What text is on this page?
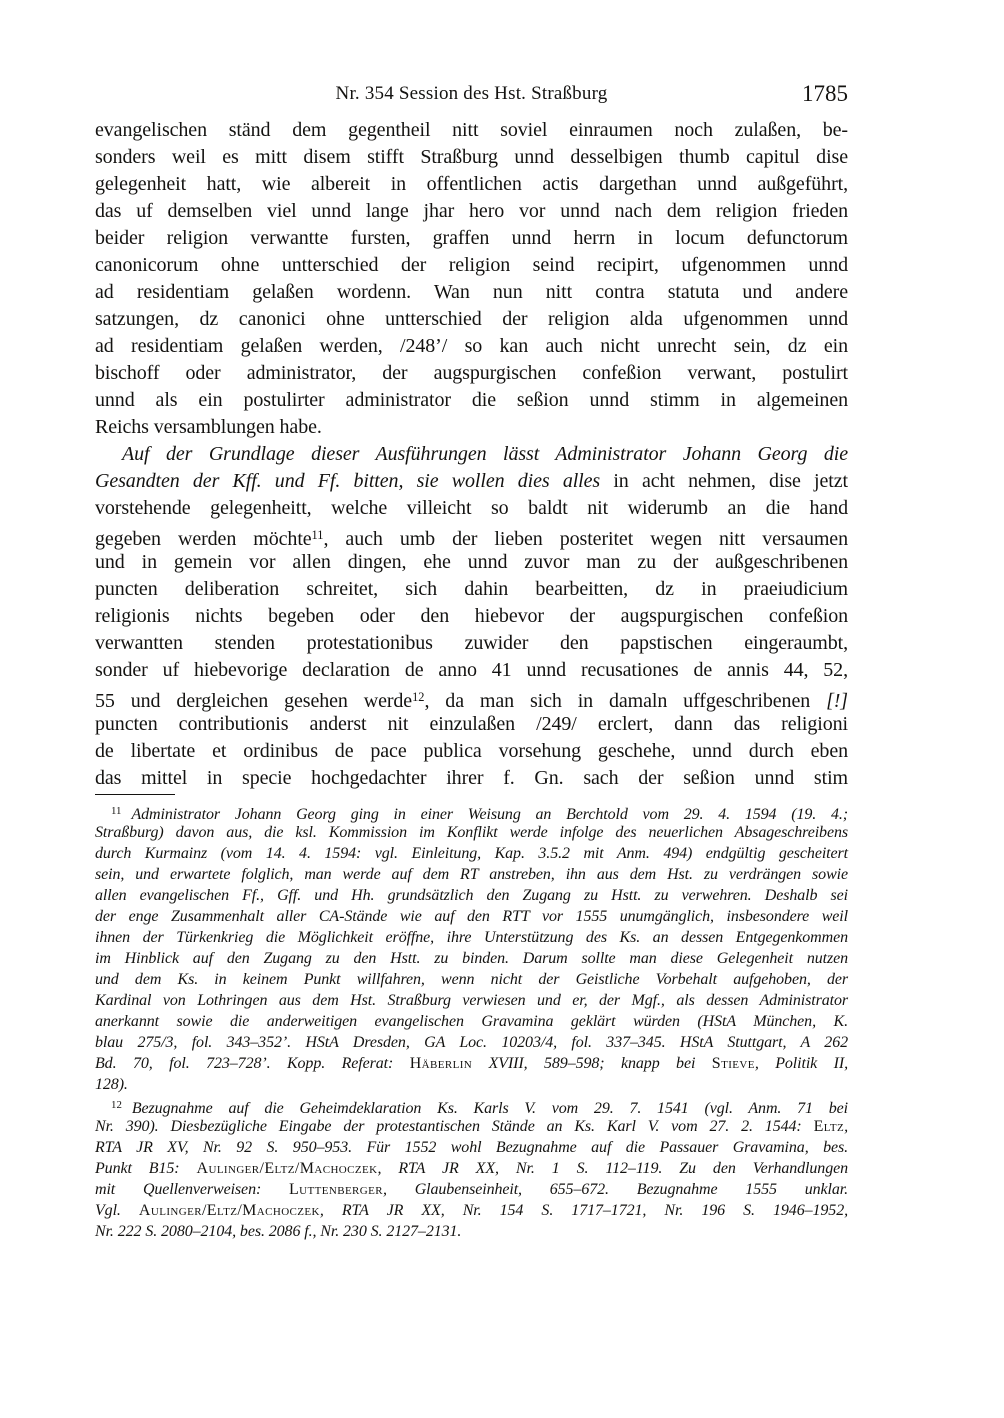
Nr. 354 Session des Hst. Straßburg	1785
evangelischen ständ dem gegentheil nitt soviel einraumen noch zulaßen, be-
sonders weil es mitt disem stifft Straßburg unnd desselbigen thumb capitul dise
gelegenheit hatt, wie albereit in offentlichen actis dargethan unnd außgeführt,
das uf demselben viel unnd lange jhar hero vor unnd nach dem religion frieden
beider religion verwantte fursten, graffen unnd herrn in locum defunctorum
canonicorum ohne untterschied der religion seind recipirt, ufgenommen unnd
ad residentiam gelaßen wordenn. Wan nun nitt contra statuta und andere
satzungen, dz canonici ohne untterschied der religion alda ufgenommen unnd
ad residentiam gelaßen werden, /248’/ so kan auch nicht unrecht sein, dz ein
bischoff oder administrator, der augspurgischen confeßion verwant, postulirt
unnd als ein postulirter administrator die seßion unnd stimm in algemeinen
Reichs versamblungen habe.
Auf der Grundlage dieser Ausführungen lässt Administrator Johann Georg die
Gesandten der Kff. und Ff. bitten, sie wollen dies alles in acht nehmen, dise jetzt
vorstehende gelegenheitt, welche villeicht so baldt nit widerumb an die hand
gegeben werden möchte$^{11}$, auch umb der lieben posteritet wegen nitt versaumen
und in gemein vor allen dingen, ehe unnd zuvor man zu der außgeschribenen
puncten deliberation schreitet, sich dahin bearbeitten, dz in praeiudicium
religionis nichts begeben oder den hiebevor der augspurgischen confeßion
verwantten stenden protestationibus zuwider den papstischen eingeraumbt,
sonder uf hiebevorige declaration de anno 41 unnd recusationes de annis 44, 52,
55 und dergleichen gesehen werde$^{12}$, da man sich in damaln uffgeschribenen [!]
puncten contributionis anderst nit einzulaßen /249/ erclert, dann das religioni
de libertate et ordinibus de pace publica vorsehung geschehe, unnd durch eben
das mittel in specie hochgedachter ihrer f. Gn. sach der seßion unnd stim
$^{11}$ Administrator Johann Georg ging in einer Weisung an Berchtold vom 29. 4. 1594 (19. 4.;
Straßburg) davon aus, die ksl. Kommission im Konflikt werde infolge des neuerlichen Absageschreibens
durch Kurmainz (vom 14. 4. 1594: vgl. Einleitung, Kap. 3.5.2 mit Anm. 494) endgültig gescheitert
sein, und erwartete folglich, man werde auf dem RT anstreben, ihn aus dem Hst. zu verdrängen sowie
allen evangelischen Ff., Gff. und Hh. grundsätzlich den Zugang zu Hstt. zu verwehren. Deshalb sei
der enge Zusammenhalt aller CA-Stände wie auf den RTT vor 1555 unumgänglich, insbesondere weil
ihnen der Türkenkrieg die Möglichkeit eröffne, ihre Unterstützung des Ks. an dessen Entgegenkommen
im Hinblick auf den Zugang zu den Hstt. zu binden. Darum sollte man diese Gelegenheit nutzen
und dem Ks. in keinem Punkt willfahren, wenn nicht der Geistliche Vorbehalt aufgehoben, der
Kardinal von Lothringen aus dem Hst. Straßburg verwiesen und er, der Mgf., als dessen Administrator
anerkannt sowie die anderweitigen evangelischen Gravamina geklärt würden (HStA München, K.
blau 275/3, fol. 343–352’. HStA Dresden, GA Loc. 10203/4, fol. 337–345. HStA Stuttgart, A 262
Bd. 70, fol. 723–728’. Kopp. Referat: Häberlin XVIII, 589–598; knapp bei Stieve, Politik II,
128).
$^{12}$ Bezugnahme auf die Geheimdeklaration Ks. Karls V. vom 29. 7. 1541 (vgl. Anm. 71 bei
Nr. 390). Diesbezügliche Eingabe der protestantischen Stände an Ks. Karl V. vom 27. 2. 1544: Eltz,
RTA JR XV, Nr. 92 S. 950–953. Für 1552 wohl Bezugnahme auf die Passauer Gravamina, bes.
Punkt B15: Aulinger/Eltz/Machoczek, RTA JR XX, Nr. 1 S. 112–119. Zu den Verhandlungen
mit Quellenverweisen: Luttenberger, Glaubenseinheit, 655–672. Bezugnahme 1555 unklar.
Vgl. Aulinger/Eltz/Machoczek, RTA JR XX, Nr. 154 S. 1717–1721, Nr. 196 S. 1946–1952,
Nr. 222 S. 2080–2104, bes. 2086 f., Nr. 230 S. 2127–2131.
